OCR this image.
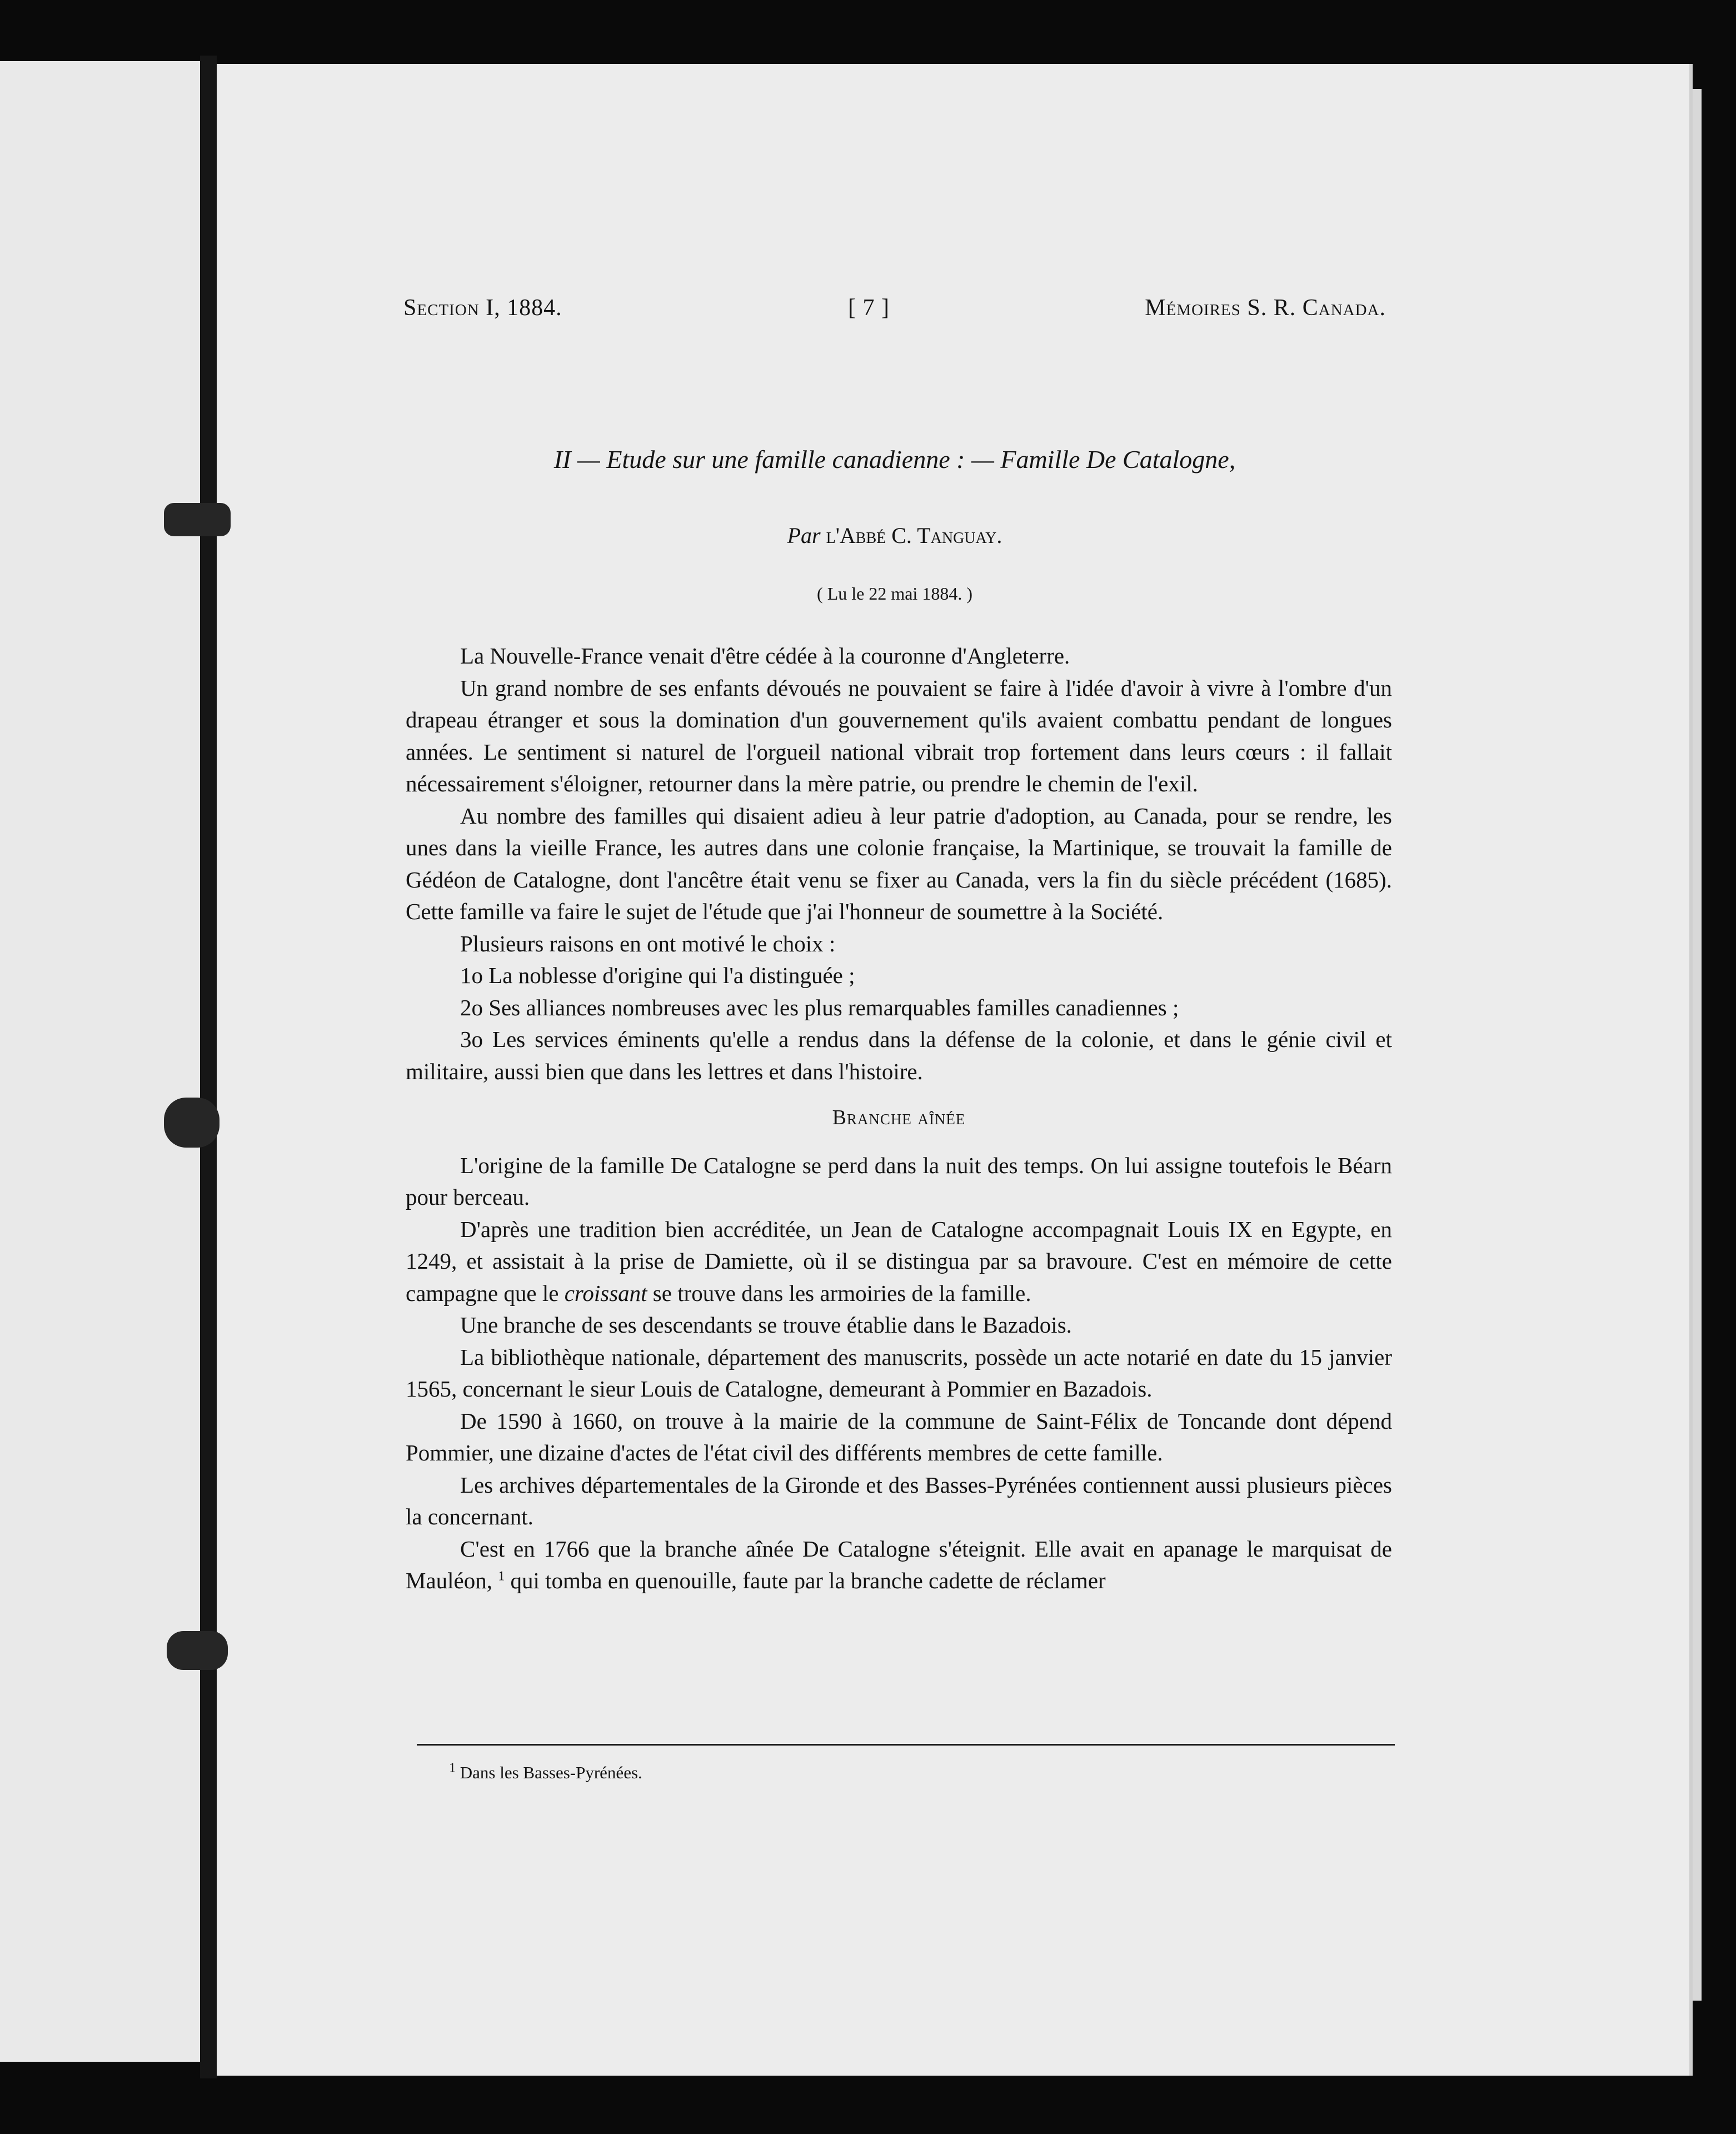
Section I, 1884.	[ 7 ]	Mémoires S. R. Canada.
II — Etude sur une famille canadienne : — Famille De Catalogne,
Par l'Abbé C. Tanguay.
( Lu le 22 mai 1884. )

La Nouvelle-France venait d'être cédée à la couronne d'Angleterre.

Un grand nombre de ses enfants dévoués ne pouvaient se faire à l'idée d'avoir à vivre à l'ombre d'un drapeau étranger et sous la domination d'un gouvernement qu'ils avaient combattu pendant de longues années. Le sentiment si naturel de l'orgueil national vibrait trop fortement dans leurs cœurs : il fallait nécessairement s'éloigner, retourner dans la mère patrie, ou prendre le chemin de l'exil.

Au nombre des familles qui disaient adieu à leur patrie d'adoption, au Canada, pour se rendre, les unes dans la vieille France, les autres dans une colonie française, la Martinique, se trouvait la famille de Gédéon de Catalogne, dont l'ancêtre était venu se fixer au Canada, vers la fin du siècle précédent (1685). Cette famille va faire le sujet de l'étude que j'ai l'honneur de soumettre à la Société.

Plusieurs raisons en ont motivé le choix :

1o La noblesse d'origine qui l'a distinguée ;

2o Ses alliances nombreuses avec les plus remarquables familles canadiennes ;

3o Les services éminents qu'elle a rendus dans la défense de la colonie, et dans le génie civil et militaire, aussi bien que dans les lettres et dans l'histoire.

Branche aînée

L'origine de la famille De Catalogne se perd dans la nuit des temps. On lui assigne toutefois le Béarn pour berceau.

D'après une tradition bien accréditée, un Jean de Catalogne accompagnait Louis IX en Egypte, en 1249, et assistait à la prise de Damiette, où il se distingua par sa bravoure. C'est en mémoire de cette campagne que le croissant se trouve dans les armoiries de la famille.

Une branche de ses descendants se trouve établie dans le Bazadois.

La bibliothèque nationale, département des manuscrits, possède un acte notarié en date du 15 janvier 1565, concernant le sieur Louis de Catalogne, demeurant à Pommier en Bazadois.

De 1590 à 1660, on trouve à la mairie de la commune de Saint-Félix de Toncande dont dépend Pommier, une dizaine d'actes de l'état civil des différents membres de cette famille.

Les archives départementales de la Gironde et des Basses-Pyrénées contiennent aussi plusieurs pièces la concernant.

C'est en 1766 que la branche aînée De Catalogne s'éteignit. Elle avait en apanage le marquisat de Mauléon, $^1$ qui tomba en quenouille, faute par la branche cadette de réclamer

$^1$ Dans les Basses-Pyrénées.
